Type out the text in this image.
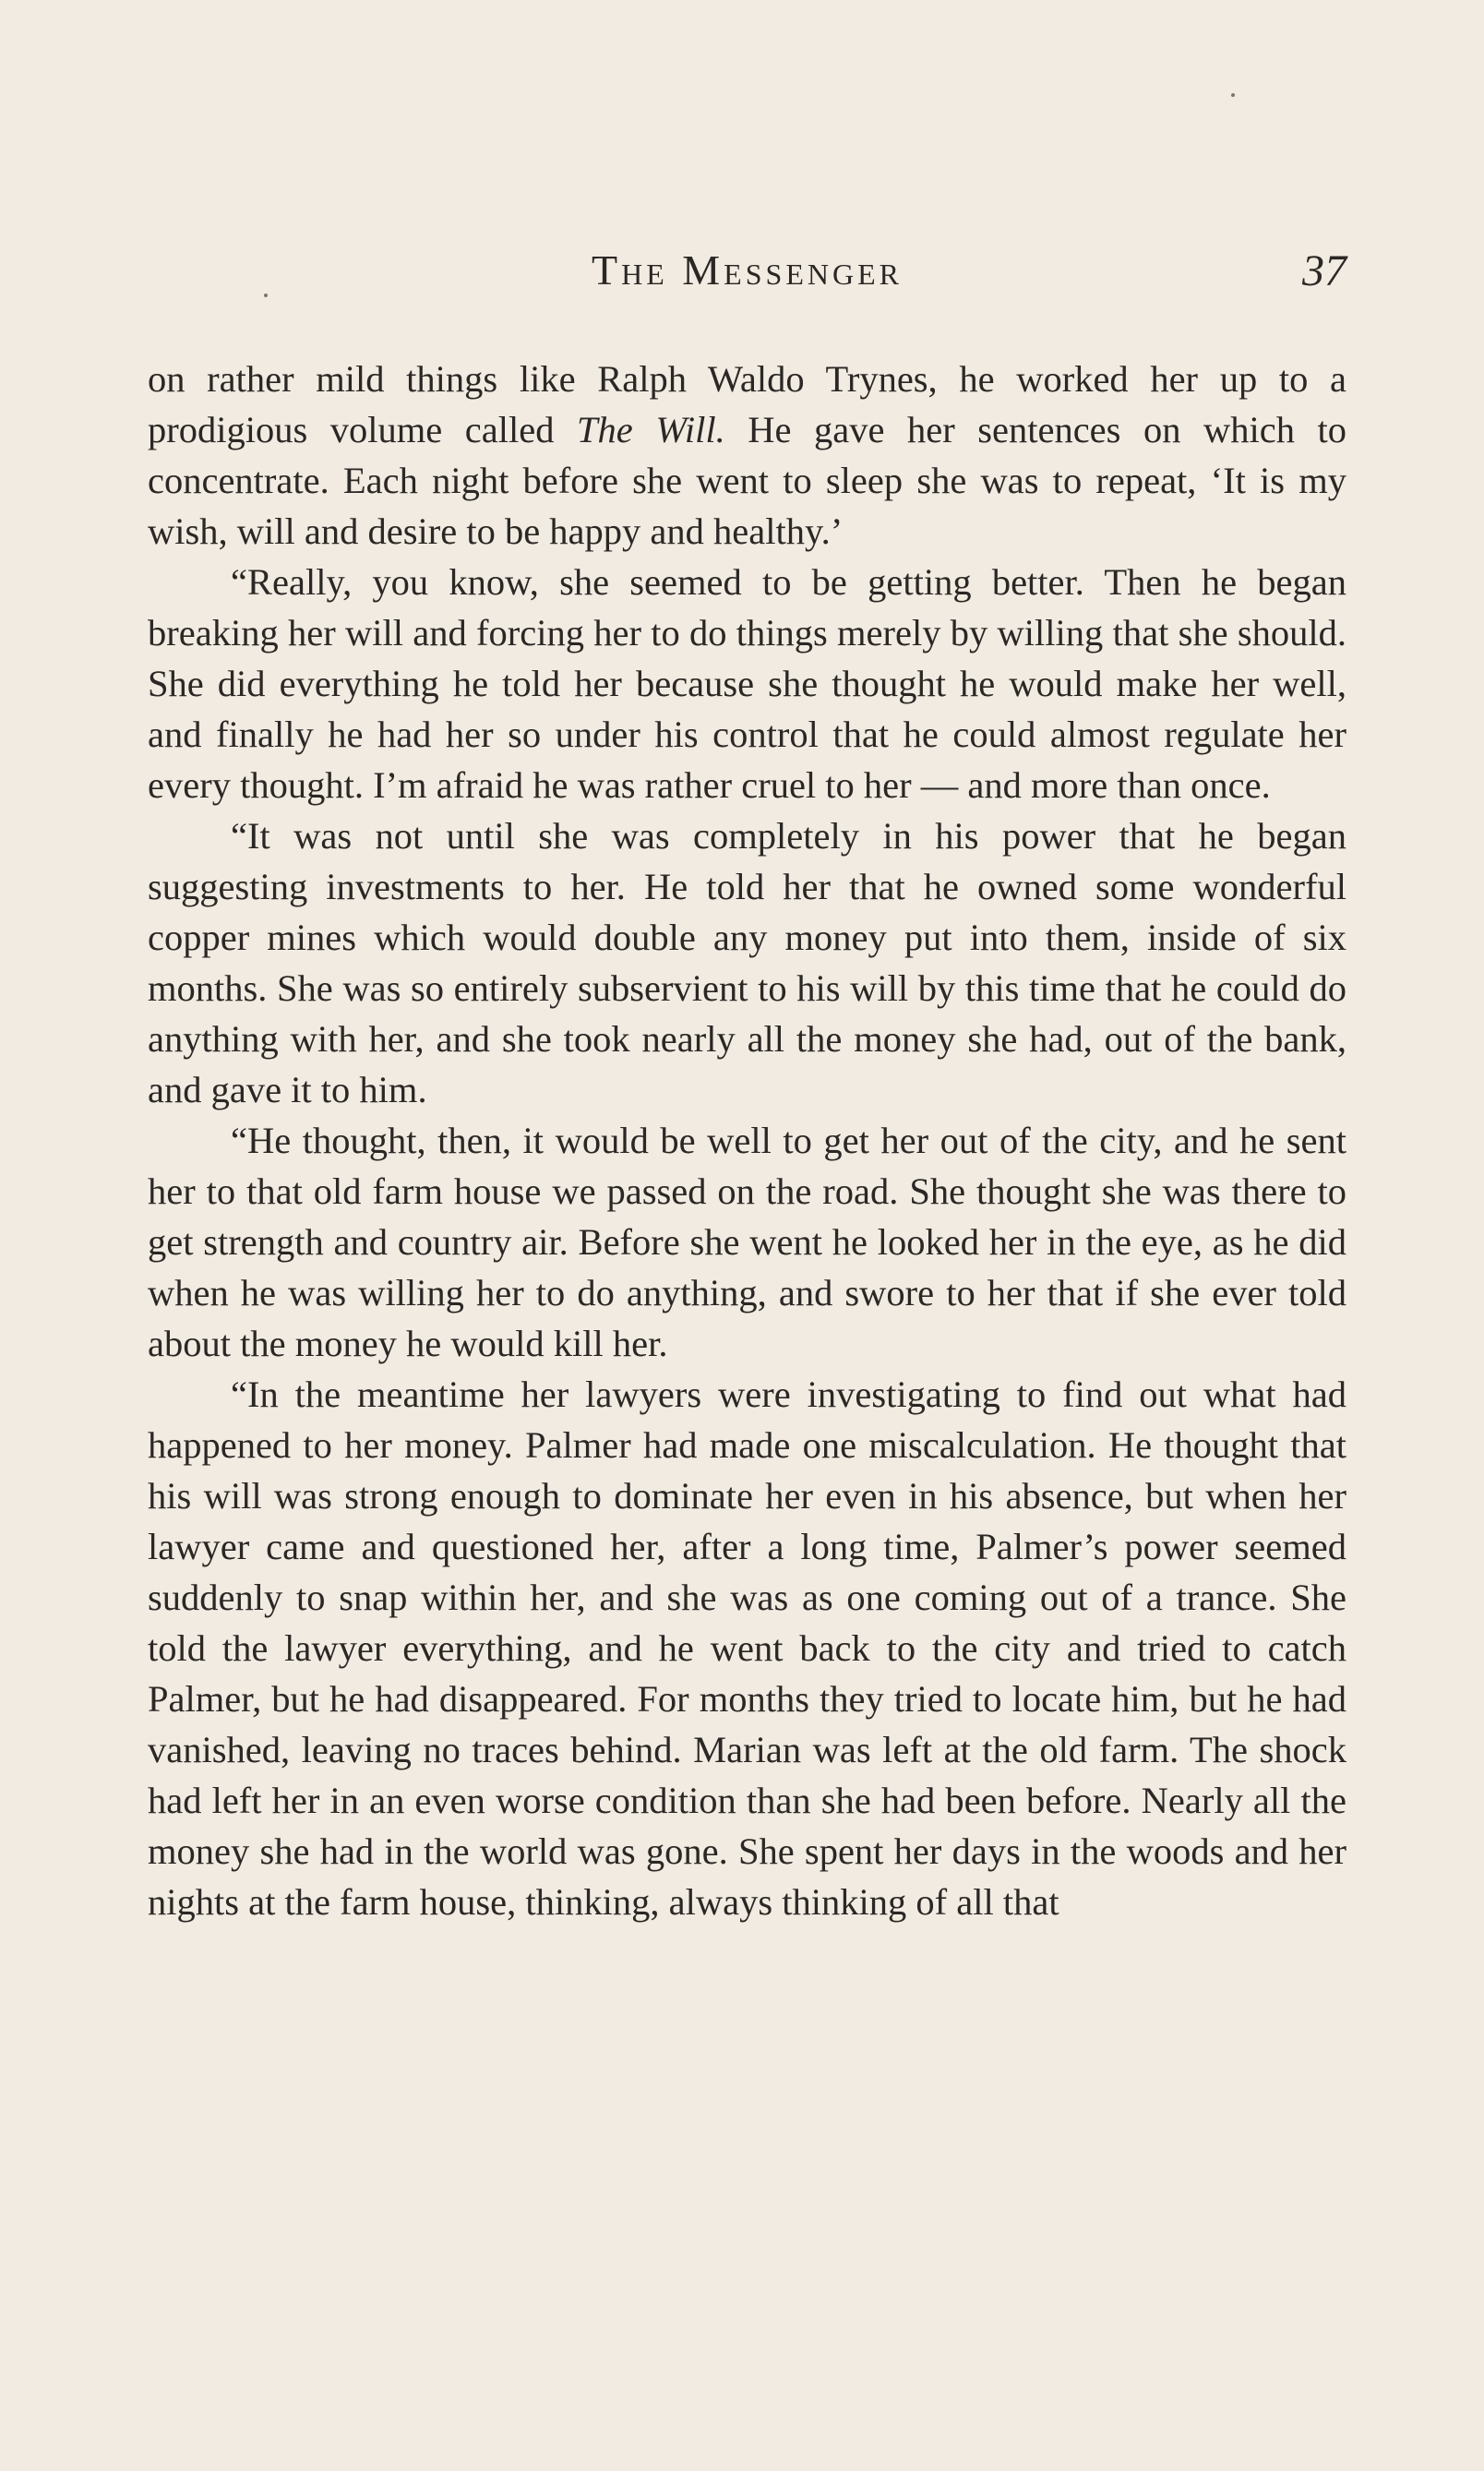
The Messenger	37

on rather mild things like Ralph Waldo Trynes, he worked her up to a prodigious volume called The Will. He gave her sentences on which to concentrate. Each night before she went to sleep she was to repeat, ‘It is my wish, will and desire to be happy and healthy.’

“Really, you know, she seemed to be getting better. Then he began breaking her will and forcing her to do things merely by willing that she should. She did everything he told her because she thought he would make her well, and finally he had her so under his control that he could almost regulate her every thought. I’m afraid he was rather cruel to her — and more than once.

“It was not until she was completely in his power that he began suggesting investments to her. He told her that he owned some wonderful copper mines which would double any money put into them, inside of six months. She was so entirely subservient to his will by this time that he could do anything with her, and she took nearly all the money she had, out of the bank, and gave it to him.

“He thought, then, it would be well to get her out of the city, and he sent her to that old farm house we passed on the road. She thought she was there to get strength and country air. Before she went he looked her in the eye, as he did when he was willing her to do anything, and swore to her that if she ever told about the money he would kill her.

“In the meantime her lawyers were investigating to find out what had happened to her money. Palmer had made one miscalculation. He thought that his will was strong enough to dominate her even in his absence, but when her lawyer came and questioned her, after a long time, Palmer’s power seemed suddenly to snap within her, and she was as one coming out of a trance. She told the lawyer everything, and he went back to the city and tried to catch Palmer, but he had disappeared. For months they tried to locate him, but he had vanished, leaving no traces behind. Marian was left at the old farm. The shock had left her in an even worse condition than she had been before. Nearly all the money she had in the world was gone. She spent her days in the woods and her nights at the farm house, thinking, always thinking of all that
